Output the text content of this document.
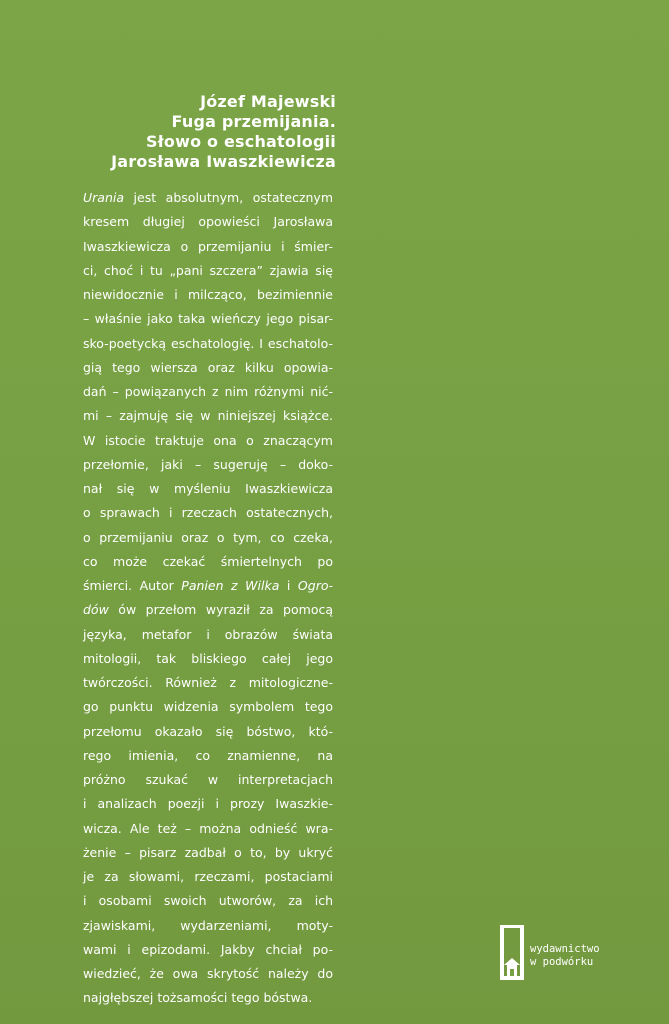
Józef Majewski
Fuga przemijania.
Słowo o eschatologii
Jarosława Iwaszkiewicza
Urania jest absolutnym, ostatecznym
kresem długiej opowieści Jarosława
Iwaszkiewicza o przemijaniu i śmier-
ci, choć i tu „pani szczera” zjawia się
niewidocznie i milcząco, bezimiennie
– właśnie jako taka wieńczy jego pisar-
sko-poetycką eschatologię. I eschatolo-
gią tego wiersza oraz kilku opowia-
dań – powiązanych z nim różnymi nić-
mi – zajmuję się w niniejszej książce.
W istocie traktuje ona o znaczącym
przełomie, jaki – sugeruję – doko-
nał się w myśleniu Iwaszkiewicza
o sprawach i rzeczach ostatecznych,
o przemijaniu oraz o tym, co czeka,
co może czekać śmiertelnych po
śmierci. Autor Panien z Wilka i Ogro-
dów ów przełom wyraził za pomocą
języka, metafor i obrazów świata
mitologii, tak bliskiego całej jego
twórczości. Również z mitologiczne-
go punktu widzenia symbolem tego
przełomu okazało się bóstwo, któ-
rego imienia, co znamienne, na
próżno szukać w interpretacjach
i analizach poezji i prozy Iwaszkie-
wicza. Ale też – można odnieść wra-
żenie – pisarz zadbał o to, by ukryć
je za słowami, rzeczami, postaciami
i osobami swoich utworów, za ich
zjawiskami, wydarzeniami, moty-
wami i epizodami. Jakby chciał po-
wiedzieć, że owa skrytość należy do
najgłębszej tożsamości tego bóstwa.
wydawnictwo
w podwórku
